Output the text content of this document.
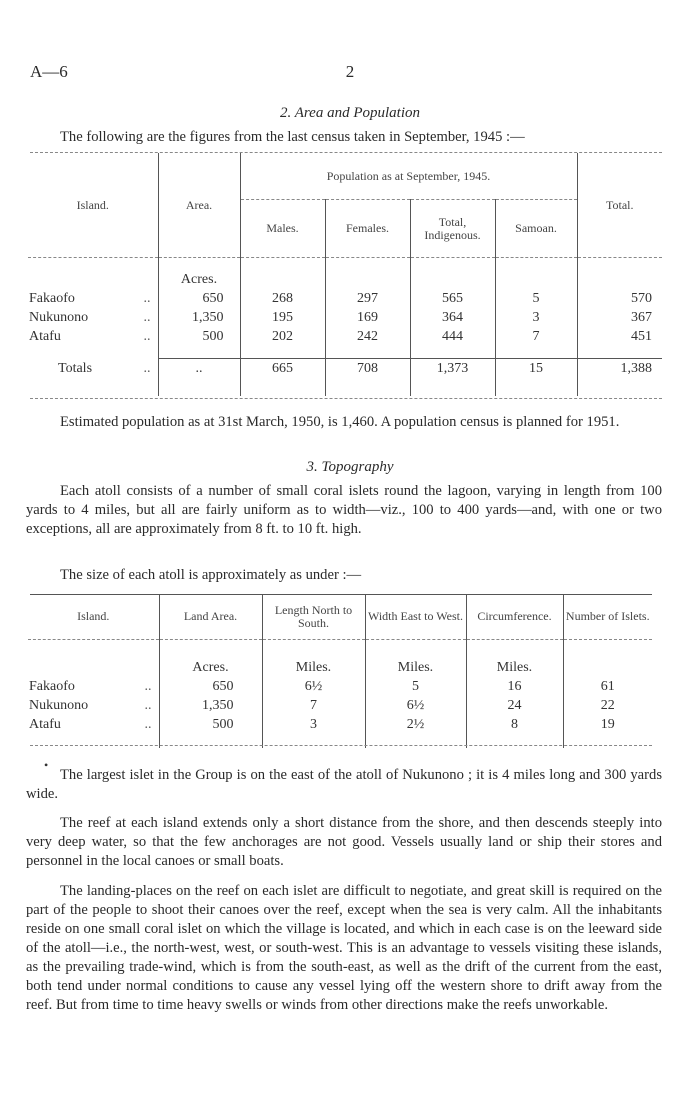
A—6	2
2. Area and Population

The following are the figures from the last census taken in September, 1945 :—

Island.	Area.	Population as at September, 1945.				Total.
		Males.	Females.	Total, Indigenous.	Samoan.	
	Acres.					
Fakaofo ..	650	268	297	565	5	570
Nukunono ..	1,350	195	169	364	3	367
Atafu ..	500	202	242	444	7	451

Totals ..	..	665	708	1,373	15	1,388

Estimated population as at 31st March, 1950, is 1,460. A population census is planned for 1951.

3. Topography

Each atoll consists of a number of small coral islets round the lagoon, varying in length from 100 yards to 4 miles, but all are fairly uniform as to width—viz., 100 to 400 yards—and, with one or two exceptions, all are approximately from 8 ft. to 10 ft. high.

The size of each atoll is approximately as under :—

Island.	Land Area.	Length North to South.	Width East to West.	Circumference.	Number of Islets.
	Acres.	Miles.	Miles.	Miles.	
Fakaofo ..	650	6½	5	16	61
Nukunono ..	1,350	7	6½	24	22
Atafu ..	500	3	2½	8	19

•

The largest islet in the Group is on the east of the atoll of Nukunono ; it is 4 miles long and 300 yards wide.

The reef at each island extends only a short distance from the shore, and then descends steeply into very deep water, so that the few anchorages are not good. Vessels usually land or ship their stores and personnel in the local canoes or small boats.

The landing-places on the reef on each islet are difficult to negotiate, and great skill is required on the part of the people to shoot their canoes over the reef, except when the sea is very calm. All the inhabitants reside on one small coral islet on which the village is located, and which in each case is on the leeward side of the atoll—i.e., the north-west, west, or south-west. This is an advantage to vessels visiting these islands, as the prevailing trade-wind, which is from the south-east, as well as the drift of the current from the east, both tend under normal conditions to cause any vessel lying off the western shore to drift away from the reef. But from time to time heavy swells or winds from other directions make the reefs unworkable.
